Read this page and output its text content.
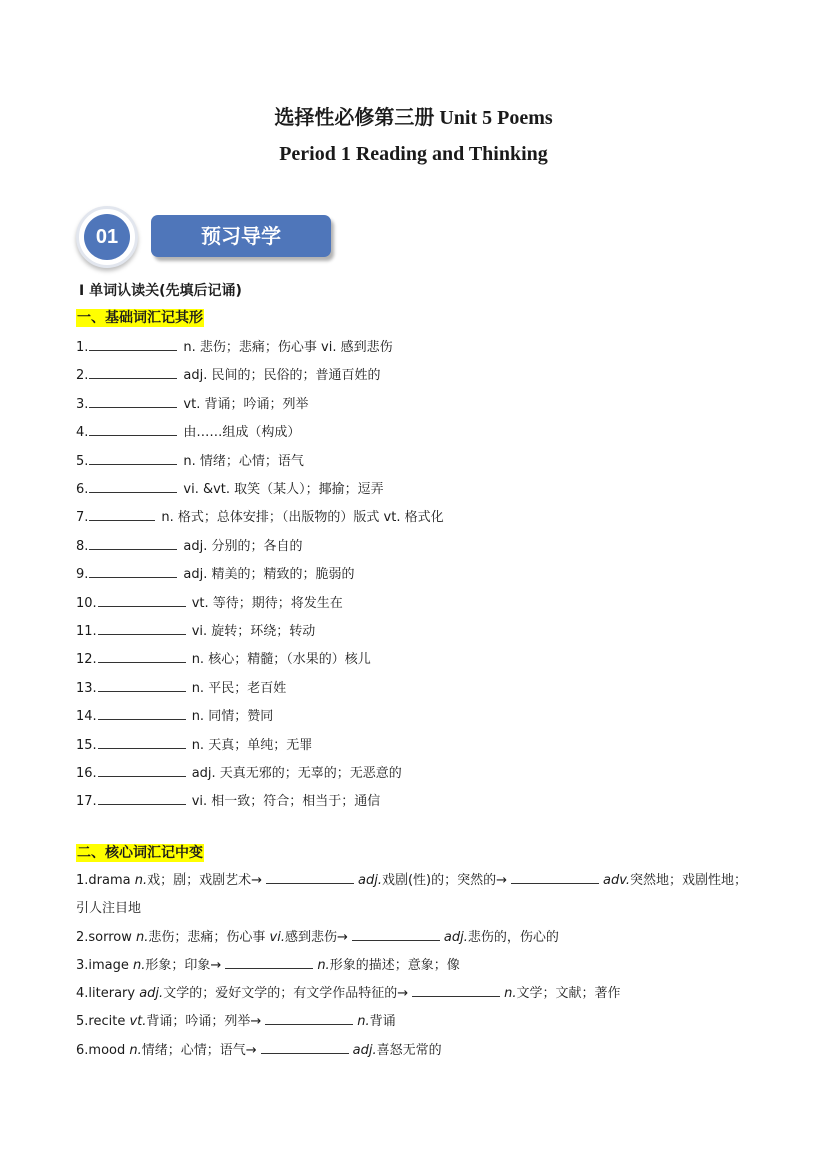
选择性必修第三册 Unit 5 Poems
Period 1 Reading and Thinking
01	预习导学
Ⅰ 单词认读关(先填后记诵)
一、基础词汇记其形
1.	n. 悲伤；悲痛；伤心事 vi. 感到悲伤
2.	adj. 民间的；民俗的；普通百姓的
3.	vt. 背诵；吟诵；列举
4.	由……组成（构成）
5.	n. 情绪；心情；语气
6.	vi. &vt. 取笑（某人）；揶揄；逗弄
7.	n. 格式；总体安排；（出版物的）版式 vt. 格式化
8.	adj. 分别的；各自的
9.	adj. 精美的；精致的；脆弱的
10.	vt. 等待；期待；将发生在
11.	vi. 旋转；环绕；转动
12.	n. 核心；精髓；（水果的）核儿
13.	n. 平民；老百姓
14.	n. 同情；赞同
15.	n. 天真；单纯；无罪
16.	adj. 天真无邪的；无辜的；无恶意的
17.	vi. 相一致；符合；相当于；通信
二、核心词汇记中变
1.drama n.戏；剧；戏剧艺术→	adj.戏剧(性)的；突然的→	adv.突然地；戏剧性地；引人注目地
2.sorrow n.悲伤；悲痛；伤心事 vi.感到悲伤→	adj.悲伤的，伤心的
3.image n.形象；印象→	n.形象的描述；意象；像
4.literary adj.文学的；爱好文学的；有文学作品特征的→	n.文学；文献；著作
5.recite vt.背诵；吟诵；列举→	n.背诵
6.mood n.情绪；心情；语气→	adj.喜怒无常的
